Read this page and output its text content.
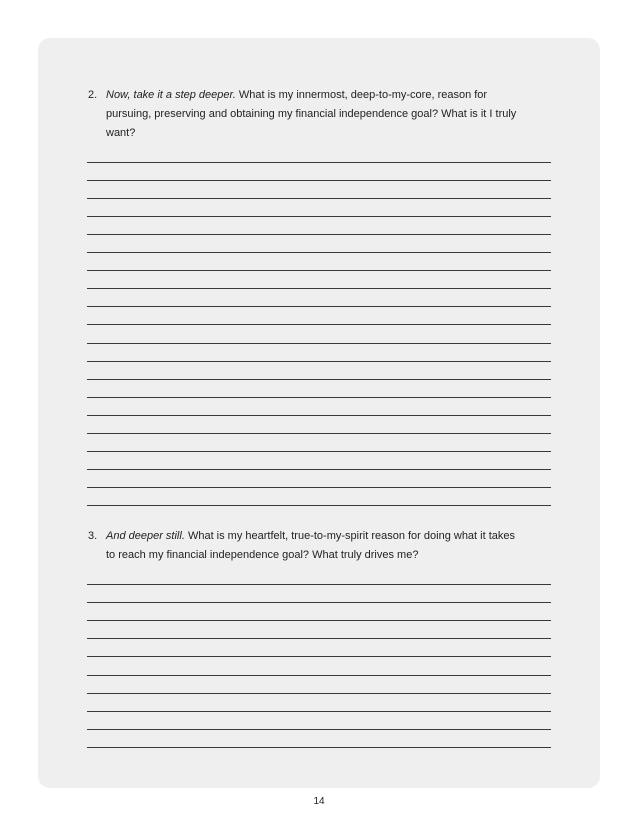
2. Now, take it a step deeper. What is my innermost, deep-to-my-core, reason for pursuing, preserving and obtaining my financial independence goal? What is it I truly want?
3. And deeper still. What is my heartfelt, true-to-my-spirit reason for doing what it takes to reach my financial independence goal? What truly drives me?
14
